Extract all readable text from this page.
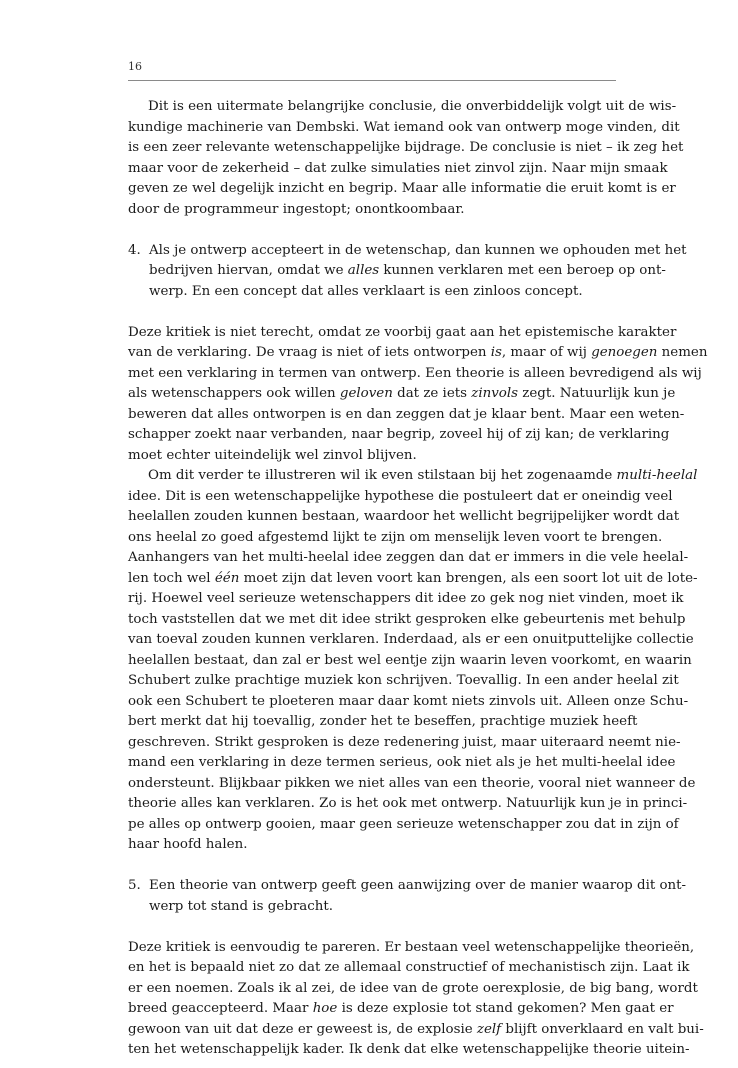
16
Dit is een uitermate belangrijke conclusie, die onverbiddelijk volgt uit de wis-
kundige machinerie van Dembski. Wat iemand ook van ontwerp moge vinden, dit
is een zeer relevante wetenschappelijke bijdrage. De conclusie is niet – ik zeg het
maar voor de zekerheid – dat zulke simulaties niet zinvol zijn. Naar mijn smaak
geven ze wel degelijk inzicht en begrip. Maar alle informatie die eruit komt is er
door de programmeur ingestopt; onontkoombaar.
4. Als je ontwerp accepteert in de wetenschap, dan kunnen we ophouden met het
bedrijven hiervan, omdat we alles kunnen verklaren met een beroep op ont-
werp. En een concept dat alles verklaart is een zinloos concept.
Deze kritiek is niet terecht, omdat ze voorbij gaat aan het epistemische karakter
van de verklaring. De vraag is niet of iets ontworpen is, maar of wij genoegen nemen
met een verklaring in termen van ontwerp. Een theorie is alleen bevredigend als wij
als wetenschappers ook willen geloven dat ze iets zinvols zegt. Natuurlijk kun je
beweren dat alles ontworpen is en dan zeggen dat je klaar bent. Maar een weten-
schapper zoekt naar verbanden, naar begrip, zoveel hij of zij kan; de verklaring
moet echter uiteindelijk wel zinvol blijven.
Om dit verder te illustreren wil ik even stilstaan bij het zogenaamde multi-heelal
idee. Dit is een wetenschappelijke hypothese die postuleert dat er oneindig veel
heelallen zouden kunnen bestaan, waardoor het wellicht begrijpelijker wordt dat
ons heelal zo goed afgestemd lijkt te zijn om menselijk leven voort te brengen.
Aanhangers van het multi-heelal idee zeggen dan dat er immers in die vele heelal-
len toch wel één moet zijn dat leven voort kan brengen, als een soort lot uit de lote-
rij. Hoewel veel serieuze wetenschappers dit idee zo gek nog niet vinden, moet ik
toch vaststellen dat we met dit idee strikt gesproken elke gebeurtenis met behulp
van toeval zouden kunnen verklaren. Inderdaad, als er een onuitputtelijke collectie
heelallen bestaat, dan zal er best wel eentje zijn waarin leven voorkomt, en waarin
Schubert zulke prachtige muziek kon schrijven. Toevallig. In een ander heelal zit
ook een Schubert te ploeteren maar daar komt niets zinvols uit. Alleen onze Schu-
bert merkt dat hij toevallig, zonder het te beseffen, prachtige muziek heeft
geschreven. Strikt gesproken is deze redenering juist, maar uiteraard neemt nie-
mand een verklaring in deze termen serieus, ook niet als je het multi-heelal idee
ondersteunt. Blijkbaar pikken we niet alles van een theorie, vooral niet wanneer de
theorie alles kan verklaren. Zo is het ook met ontwerp. Natuurlijk kun je in princi-
pe alles op ontwerp gooien, maar geen serieuze wetenschapper zou dat in zijn of
haar hoofd halen.
5. Een theorie van ontwerp geeft geen aanwijzing over de manier waarop dit ont-
werp tot stand is gebracht.
Deze kritiek is eenvoudig te pareren. Er bestaan veel wetenschappelijke theorieën,
en het is bepaald niet zo dat ze allemaal constructief of mechanistisch zijn. Laat ik
er een noemen. Zoals ik al zei, de idee van de grote oerexplosie, de big bang, wordt
breed geaccepteerd. Maar hoe is deze explosie tot stand gekomen? Men gaat er
gewoon van uit dat deze er geweest is, de explosie zelf blijft onverklaard en valt bui-
ten het wetenschappelijk kader. Ik denk dat elke wetenschappelijke theorie uitein-
